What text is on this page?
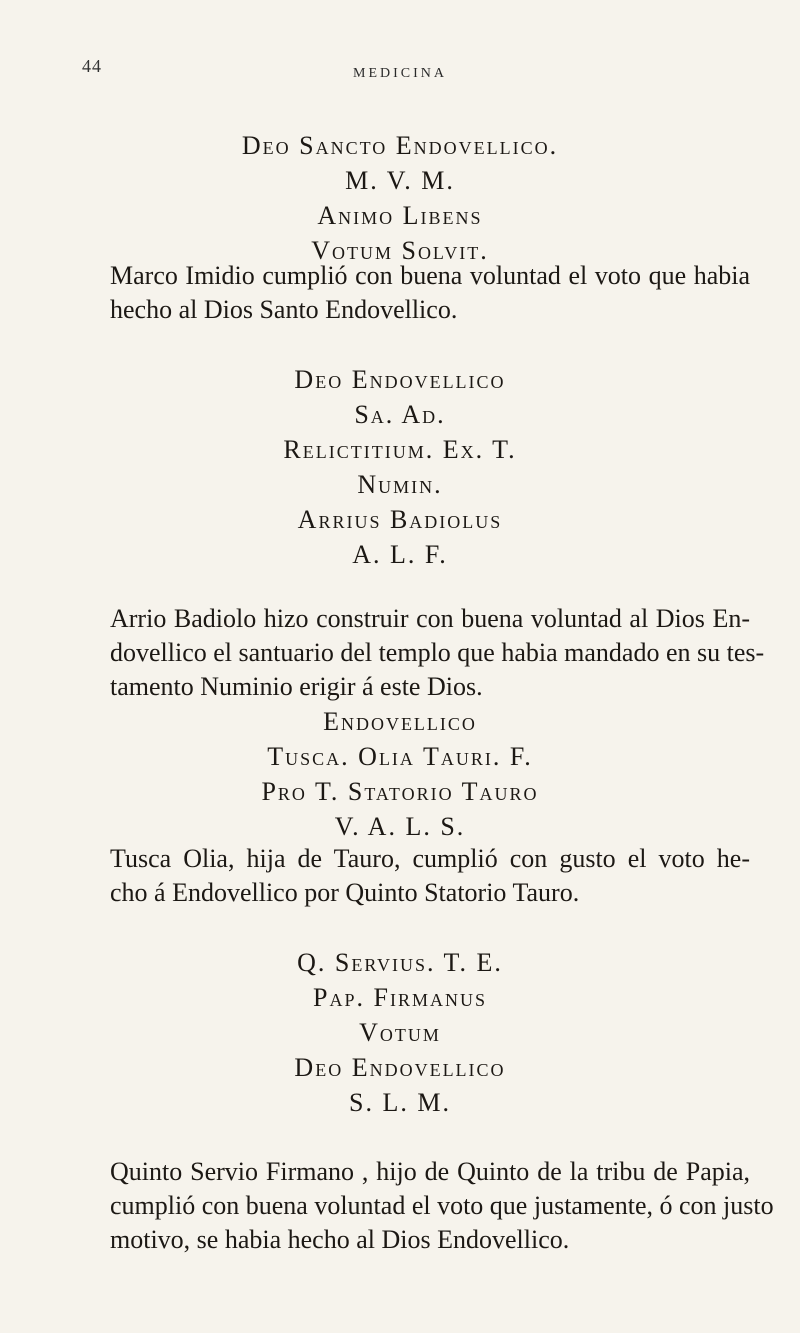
44	MEDICINA
Deo Sancto Endovellico.
M. V. M.
Animo Libens
Votum Solvit.
Marco Imidio cumplió con buena voluntad el voto que habia
hecho al Dios Santo Endovellico.
Deo Endovellico
Sa. Ad.
Relictitium. Ex. T.
Numin.
Arrius Badiolus
A. L. F.
Arrio Badiolo hizo construir con buena voluntad al Dios En-
dovellico el santuario del templo que habia mandado en su tes-
tamento Numinio erigir á este Dios.
Endovellico
Tusca. Olia Tauri. F.
Pro T. Statorio Tauro
V. A. L. S.
Tusca Olia, hija de Tauro, cumplió con gusto el voto he-
cho á Endovellico por Quinto Statorio Tauro.
Q. Servius. T. E.
Pap. Firmanus
Votum
Deo Endovellico
S. L. M.
Quinto Servio Firmano , hijo de Quinto de la tribu de Papia,
cumplió con buena voluntad el voto que justamente, ó con justo
motivo, se habia hecho al Dios Endovellico.
